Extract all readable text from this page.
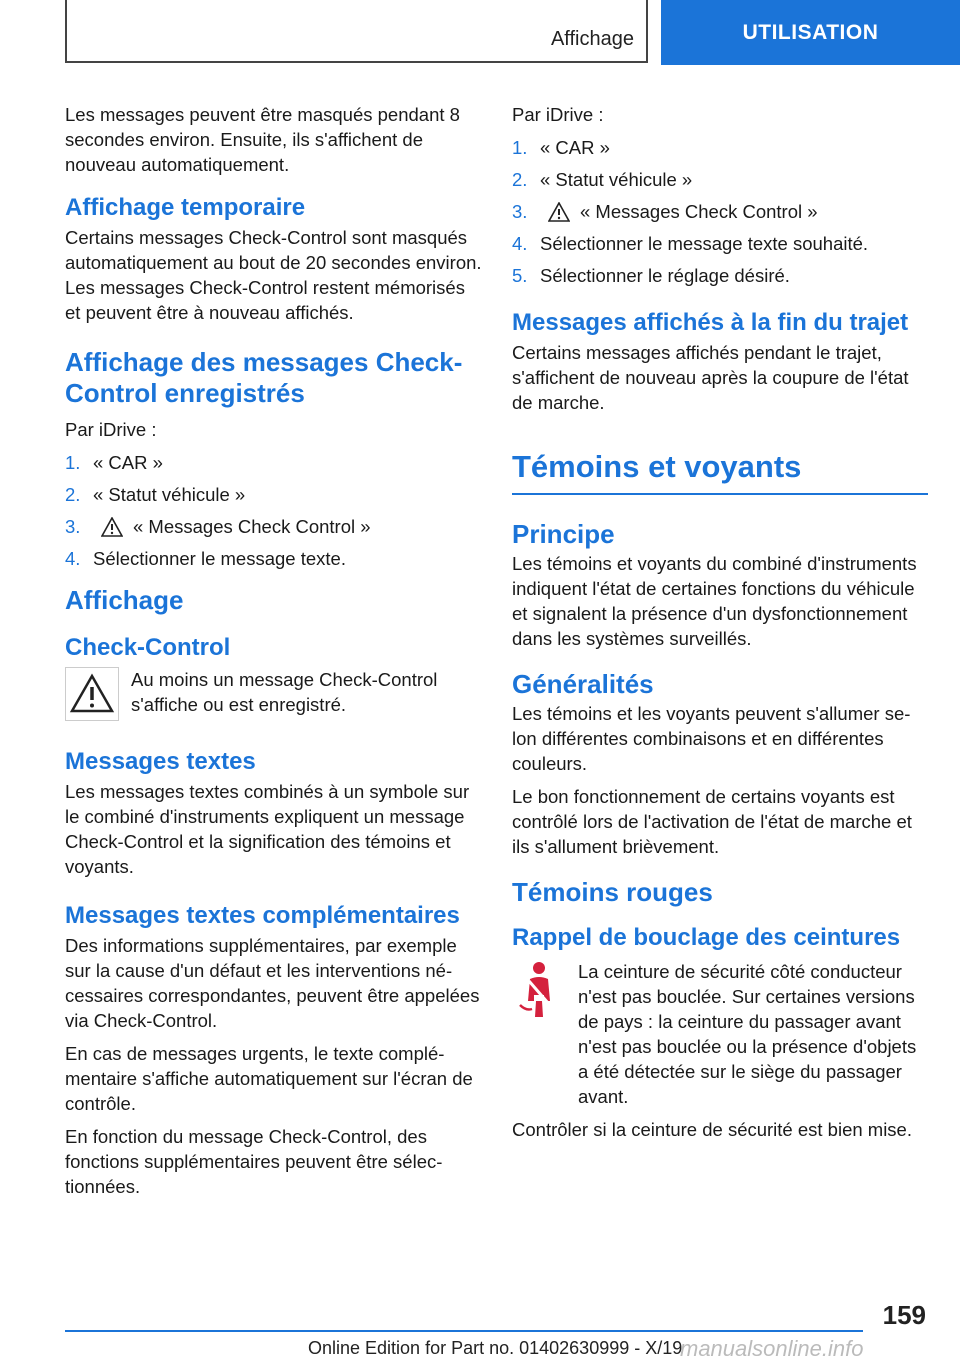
Affichage	UTILISATION

Les messages peuvent être masqués pendant 8 secondes environ. Ensuite, ils s'affichent de nouveau automatiquement.

Affichage temporaire

Certains messages Check-Control sont masqués automatiquement au bout de 20 secondes environ. Les messages Check-Control restent mémorisés et peuvent être à nouveau affichés.

Affichage des messages Check-Control enregistrés

Par iDrive :

1. « CAR »
2. « Statut véhicule »
3.	« Messages Check Control »
4. Sélectionner le message texte.
Affichage
Check-Control

Au moins un message Check-Control s'affiche ou est enregistré.

Messages textes

Les messages textes combinés à un symbole sur le combiné d'instruments expliquent un message Check-Control et la signification des témoins et voyants.

Messages textes complémentaires

Des informations supplémentaires, par exemple sur la cause d'un défaut et les interventions nécessaires correspondantes, peuvent être appelées via Check-Control.

En cas de messages urgents, le texte complémentaire s'affiche automatiquement sur l'écran de contrôle.

En fonction du message Check-Control, des fonctions supplémentaires peuvent être sélectionnées.

Par iDrive :

1. « CAR »
2. « Statut véhicule »
3.	« Messages Check Control »
4. Sélectionner le message texte souhaité.
5. Sélectionner le réglage désiré.
Messages affichés à la fin du trajet

Certains messages affichés pendant le trajet, s'affichent de nouveau après la coupure de l'état de marche.

Témoins et voyants
Principe

Les témoins et voyants du combiné d'instruments indiquent l'état de certaines fonctions du véhicule et signalent la présence d'un dysfonctionnement dans les systèmes surveillés.

Généralités

Les témoins et les voyants peuvent s'allumer selon différentes combinaisons et en différentes couleurs.

Le bon fonctionnement de certains voyants est contrôlé lors de l'activation de l'état de marche et ils s'allument brièvement.

Témoins rouges
Rappel de bouclage des ceintures

La ceinture de sécurité côté conducteur n'est pas bouclée. Sur certaines versions de pays : la ceinture du passager avant n'est pas bouclée ou la présence d'objets a été détectée sur le siège du passager avant.

Contrôler si la ceinture de sécurité est bien mise.

159
Online Edition for Part no. 01402630999 - X/19
manualsonline.info
